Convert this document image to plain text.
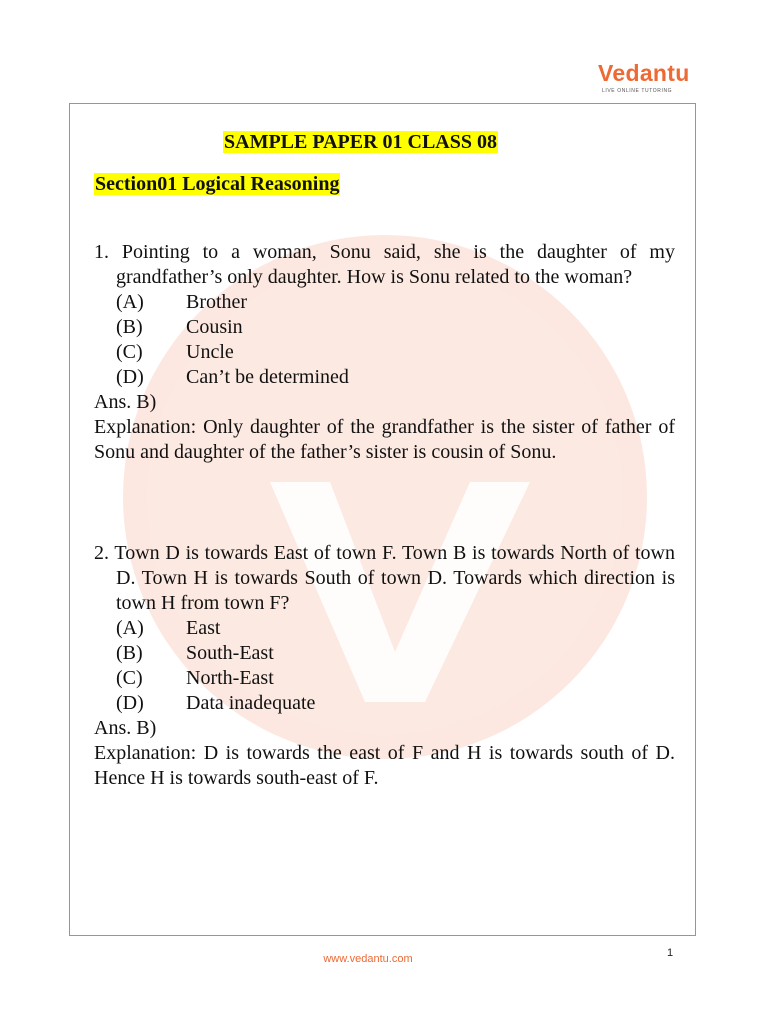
Vedantu
LIVE ONLINE TUTORING
SAMPLE PAPER 01 CLASS 08
Section01 Logical Reasoning
1. Pointing to a woman, Sonu said, she is the daughter of my grandfather’s only daughter. How is Sonu related to the woman?
(A)	Brother
(B)	Cousin
(C)	Uncle
(D)	Can’t be determined
Ans. B)
Explanation: Only daughter of the grandfather is the sister of father of Sonu and daughter of the father’s sister is cousin of Sonu.
2. Town D is towards East of town F. Town B is towards North of town D. Town H is towards South of town D. Towards which direction is town H from town F?
(A)	East
(B)	South-East
(C)	North-East
(D)	Data inadequate
Ans. B)
Explanation: D is towards the east of F and H is towards south of D. Hence H is towards south-east of F.
www.vedantu.com	1
